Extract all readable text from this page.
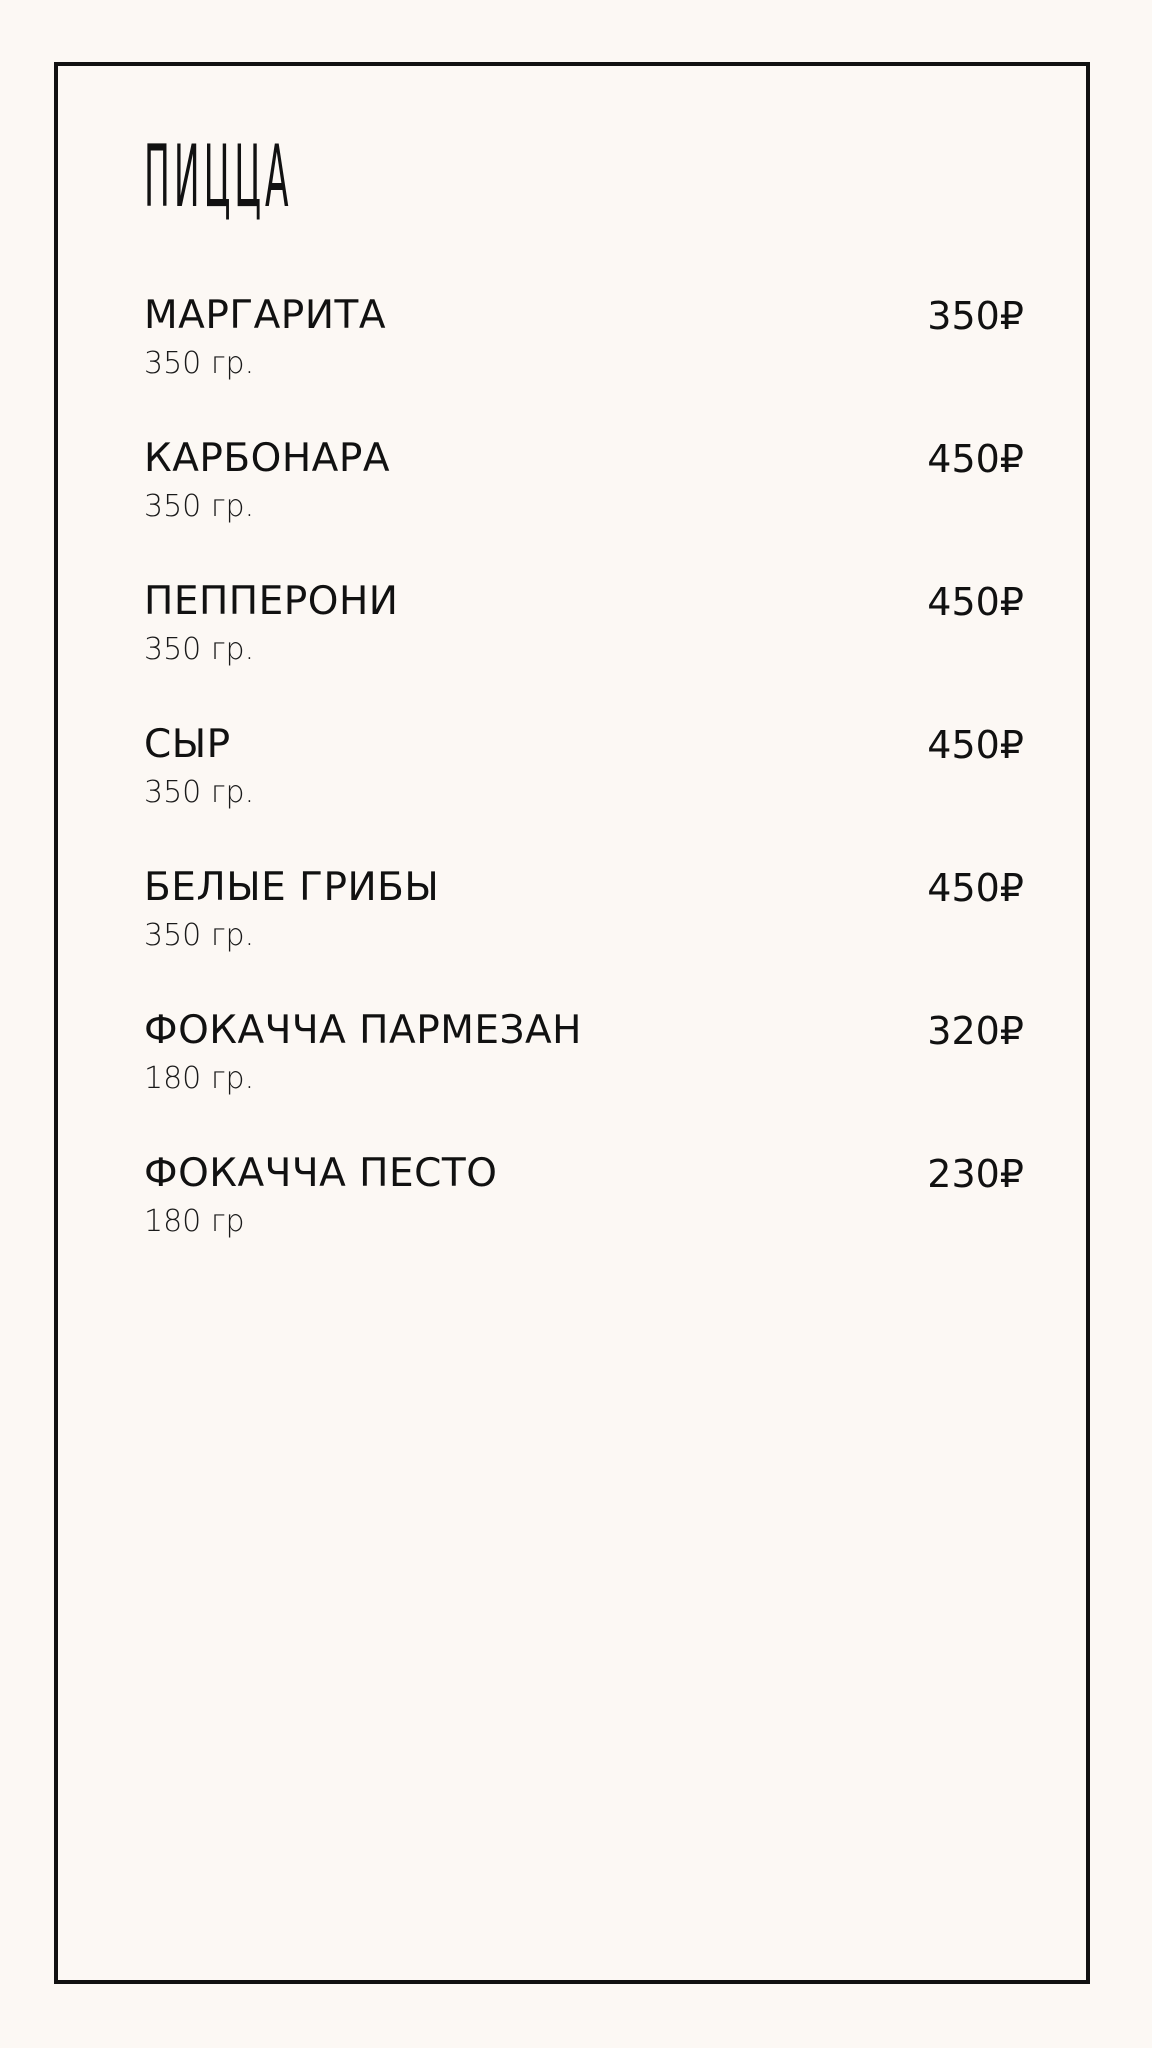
ПИЦЦА
МАРГАРИТА	350₽
350 гр.
КАРБОНАРА	450₽
350 гр.
ПЕППЕРОНИ	450₽
350 гр.
СЫР	450₽
350 гр.
БЕЛЫЕ ГРИБЫ	450₽
350 гр.
ФОКАЧЧА ПАРМЕЗАН	320₽
180 гр.
ФОКАЧЧА ПЕСТО	230₽
180 гр
